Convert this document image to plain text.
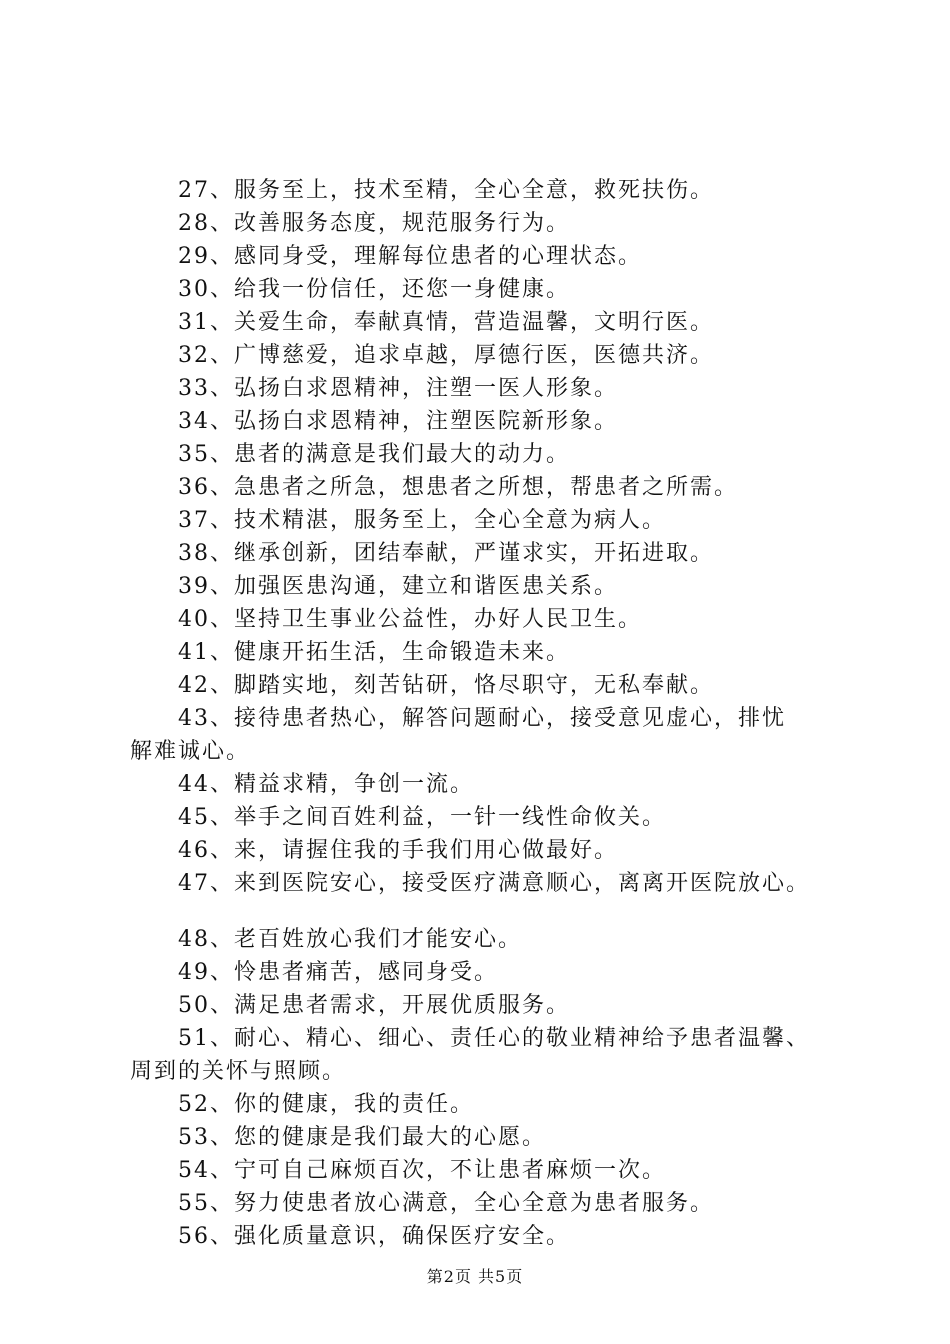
27、服务至上，技术至精，全心全意，救死扶伤。
28、改善服务态度，规范服务行为。
29、感同身受，理解每位患者的心理状态。
30、给我一份信任，还您一身健康。
31、关爱生命，奉献真情，营造温馨，文明行医。
32、广博慈爱，追求卓越，厚德行医，医德共济。
33、弘扬白求恩精神，注塑一医人形象。
34、弘扬白求恩精神，注塑医院新形象。
35、患者的满意是我们最大的动力。
36、急患者之所急，想患者之所想，帮患者之所需。
37、技术精湛，服务至上，全心全意为病人。
38、继承创新，团结奉献，严谨求实，开拓进取。
39、加强医患沟通，建立和谐医患关系。
40、坚持卫生事业公益性，办好人民卫生。
41、健康开拓生活，生命锻造未来。
42、脚踏实地，刻苦钻研，恪尽职守，无私奉献。
43、接待患者热心，解答问题耐心，接受意见虚心，排忧
解难诚心。
44、精益求精，争创一流。
45、举手之间百姓利益，一针一线性命攸关。
46、来，请握住我的手我们用心做最好。
47、来到医院安心，接受医疗满意顺心，离离开医院放心。
48、老百姓放心我们才能安心。
49、怜患者痛苦，感同身受。
50、满足患者需求，开展优质服务。
51、耐心、精心、细心、责任心的敬业精神给予患者温馨、
周到的关怀与照顾。
52、你的健康，我的责任。
53、您的健康是我们最大的心愿。
54、宁可自己麻烦百次，不让患者麻烦一次。
55、努力使患者放心满意，全心全意为患者服务。
56、强化质量意识，确保医疗安全。
第2页 共5页
